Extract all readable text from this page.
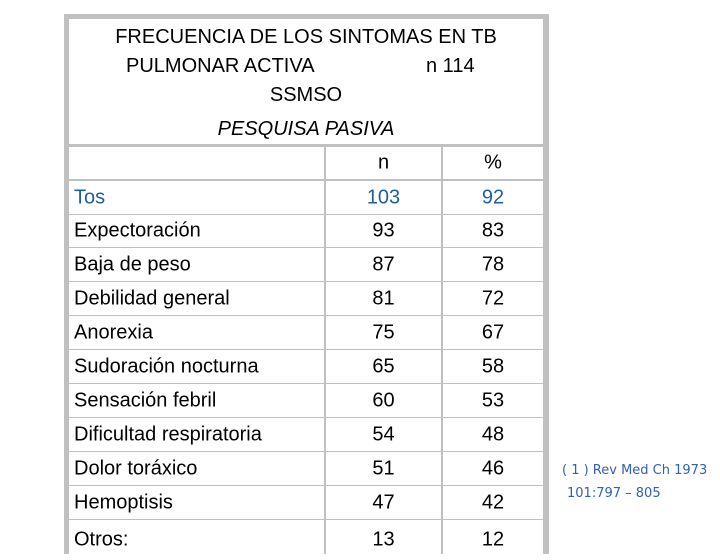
FRECUENCIA DE LOS SINTOMAS EN TB
PULMONAR ACTIVA	n 114
SSMSO
PESQUISA PASIVA
n	%
Tos	103	92
Expectoración	93	83
Baja de peso	87	78
Debilidad general	81	72
Anorexia	75	67
Sudoración nocturna	65	58
Sensación febril	60	53
Dificultad respiratoria	54	48
Dolor toráxico	51	46
Hemoptisis	47	42
Otros:	13	12
( 1 ) Rev Med Ch 1973
101:797 – 805
